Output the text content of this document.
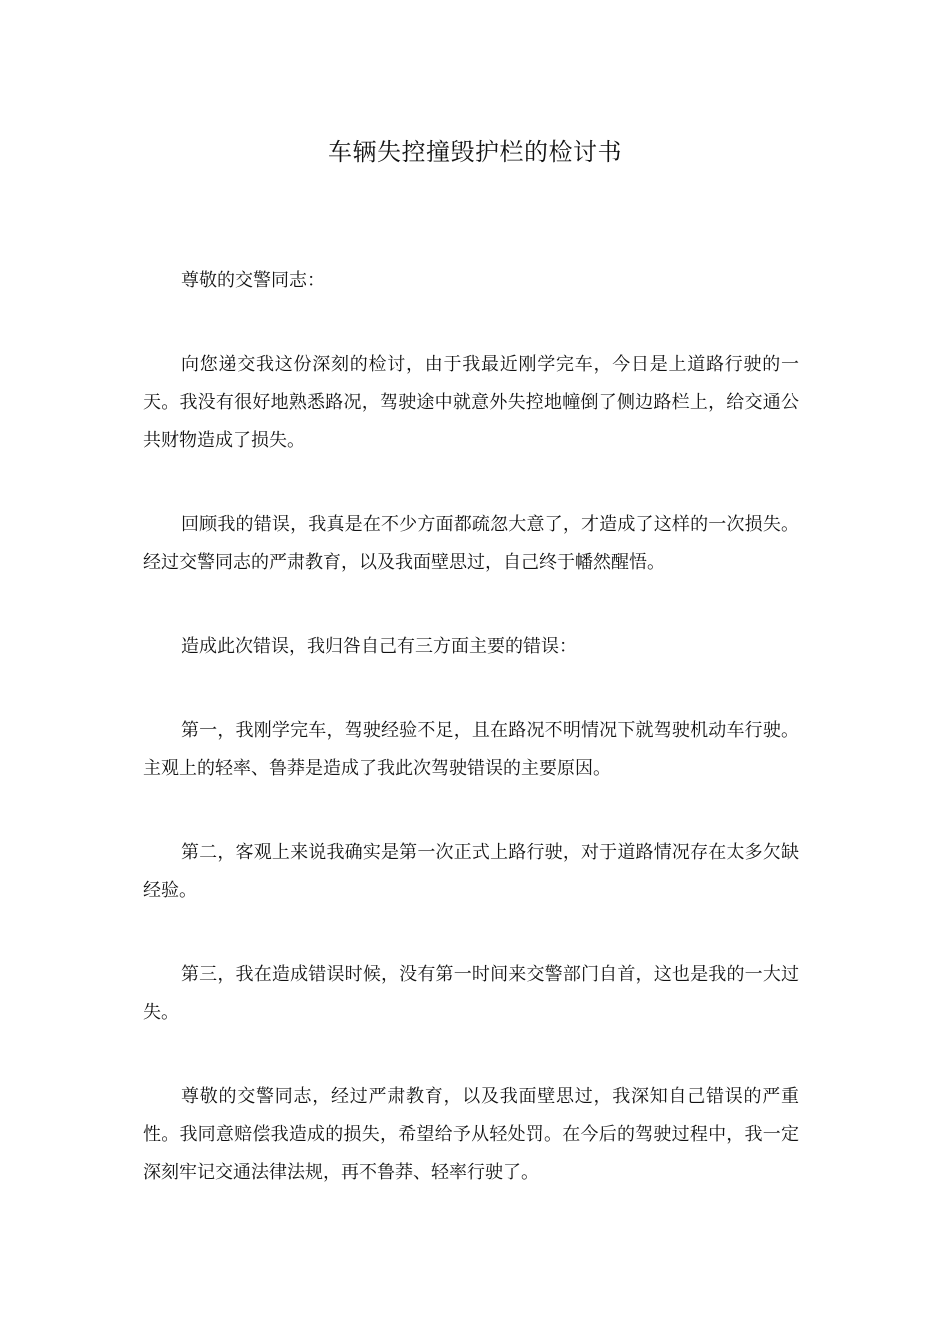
车辆失控撞毁护栏的检讨书

尊敬的交警同志：

向您递交我这份深刻的检讨，由于我最近刚学完车，今日是上道路行驶的一天。我没有很好地熟悉路况，驾驶途中就意外失控地幢倒了侧边路栏上，给交通公共财物造成了损失。

回顾我的错误，我真是在不少方面都疏忽大意了，才造成了这样的一次损失。经过交警同志的严肃教育，以及我面壁思过，自己终于幡然醒悟。

造成此次错误，我归咎自己有三方面主要的错误：

第一，我刚学完车，驾驶经验不足，且在路况不明情况下就驾驶机动车行驶。主观上的轻率、鲁莽是造成了我此次驾驶错误的主要原因。

第二，客观上来说我确实是第一次正式上路行驶，对于道路情况存在太多欠缺经验。

第三，我在造成错误时候，没有第一时间来交警部门自首，这也是我的一大过失。

尊敬的交警同志，经过严肃教育，以及我面壁思过，我深知自己错误的严重性。我同意赔偿我造成的损失，希望给予从轻处罚。在今后的驾驶过程中，我一定深刻牢记交通法律法规，再不鲁莽、轻率行驶了。
